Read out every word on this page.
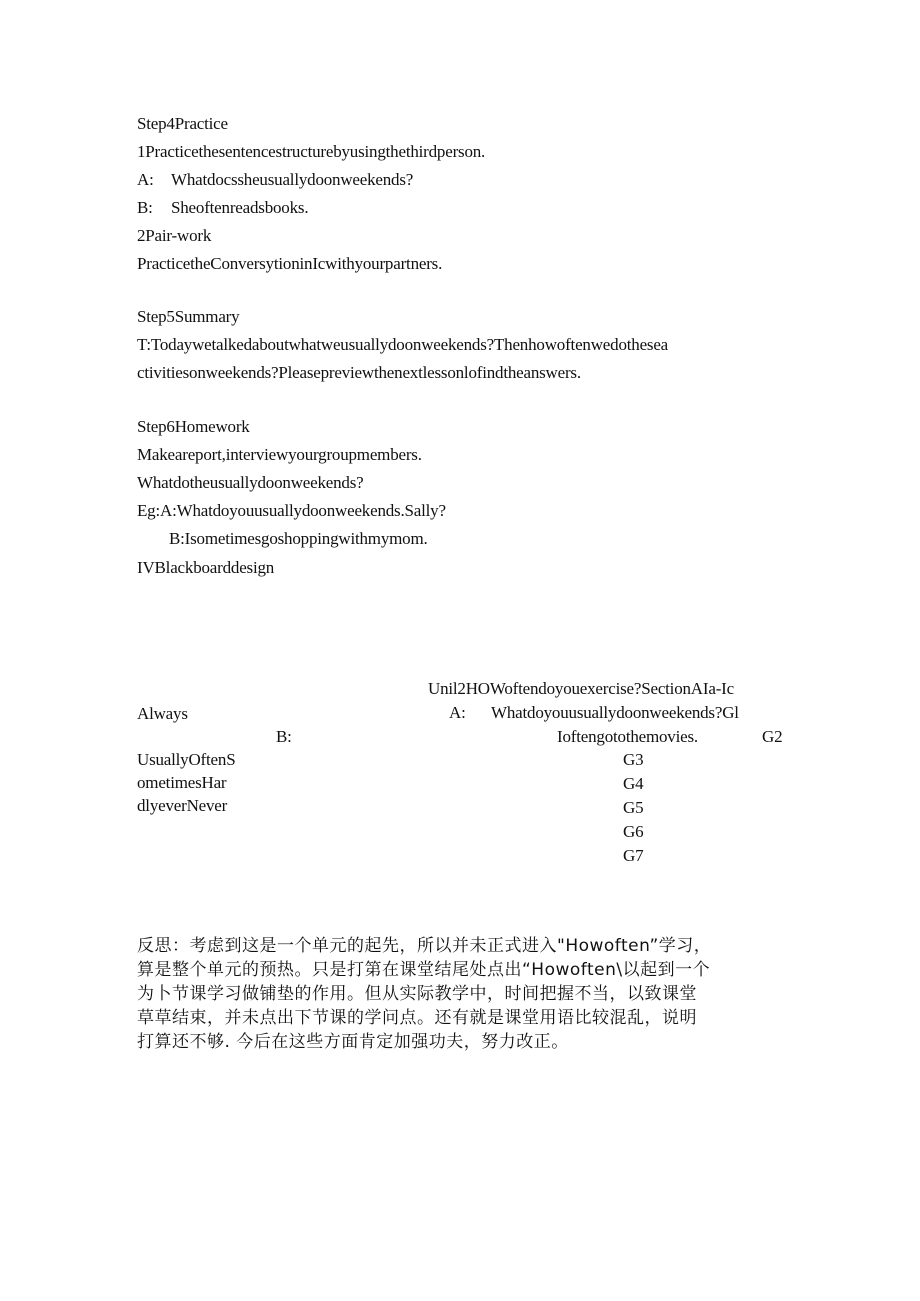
Step4Practice
1Practicethesentencestructurebyusingthethirdperson.
A: Whatdocssheusuallydoonweekends?
B: Sheoftenreadsbooks.
2Pair-work
PracticetheConversytioninIcwithyourpartners.
Step5Summary
T:Todaywetalkedaboutwhatweusuallydoonweekends?Thenhowoftenwedothesea
ctivitiesonweekends?Pleasepreviewthenextlessonlofindtheanswers.
Step6Homework
Makeareport,interviewyourgroupmembers.
Whatdotheusuallydoonweekends?
Eg:A:Whatdoyouusuallydoonweekends.Sally?
B:Isometimesgoshoppingwithmymom.
IVBlackboarddesign
Unil2HOWoftendoyouexercise?SectionAIa-Ic
Always	A: Whatdoyouusuallydoonweekends?Gl
B:	Ioftengotothemovies.	G2
UsuallyOftenS
ometimesHar
dlyeverNever
G3
G4
G5
G6
G7
反思：考虑到这是一个单元的起先，所以并未正式进入"Howoften”学习，
算是整个单元的预热。只是打第在课堂结尾处点出“Howoften\以起到一个
为卜节课学习做铺垫的作用。但从实际教学中，时间把握不当，以致课堂
草草结束，并未点出下节课的学问点。还有就是课堂用语比较混乱，说明
打算还不够. 今后在这些方面肯定加强功夫，努力改正。
